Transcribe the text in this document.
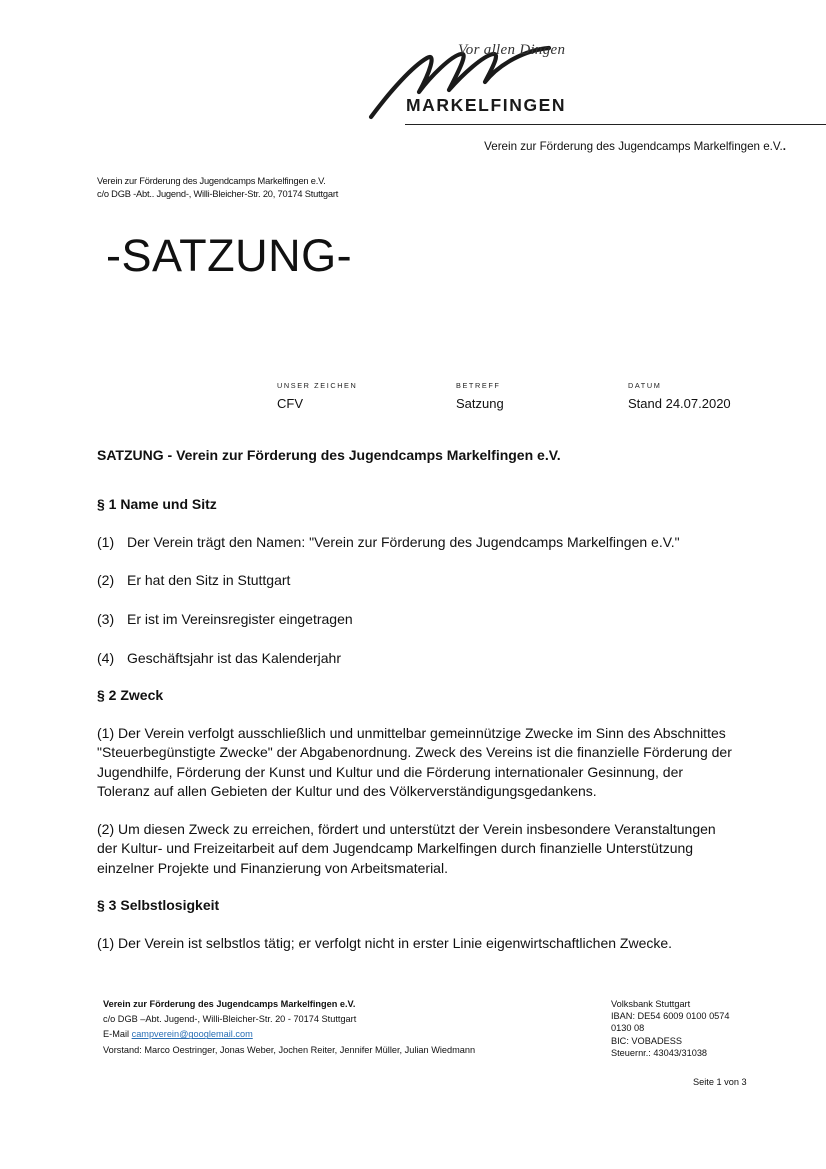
Vor allen Dingen
MARKELFINGEN
Verein zur Förderung des Jugendcamps Markelfingen e.V..
Verein zur Förderung des Jugendcamps Markelfingen e.V.
c/o DGB -Abt.. Jugend-, Willi-Bleicher-Str. 20, 70174 Stuttgart
-SATZUNG-
UNSER ZEICHEN
CFV
BETREFF
Satzung
DATUM
Stand 24.07.2020
SATZUNG - Verein zur Förderung des Jugendcamps Markelfingen e.V.
§ 1 Name und Sitz
(1) Der Verein trägt den Namen: "Verein zur Förderung des Jugendcamps Markelfingen e.V."
(2) Er hat den Sitz in Stuttgart
(3) Er ist im Vereinsregister eingetragen
(4) Geschäftsjahr ist das Kalenderjahr
§ 2 Zweck

(1) Der Verein verfolgt ausschließlich und unmittelbar gemeinnützige Zwecke im Sinn des Abschnittes

"Steuerbegünstigte Zwecke" der Abgabenordnung. Zweck des Vereins ist die finanzielle Förderung der

Jugendhilfe, Förderung der Kunst und Kultur und die Förderung internationaler Gesinnung, der

Toleranz auf allen Gebieten der Kultur und des Völkerverständigungsgedankens.

(2) Um diesen Zweck zu erreichen, fördert und unterstützt der Verein insbesondere Veranstaltungen

der Kultur- und Freizeitarbeit auf dem Jugendcamp Markelfingen durch finanzielle Unterstützung

einzelner Projekte und Finanzierung von Arbeitsmaterial.

§ 3 Selbstlosigkeit
(1) Der Verein ist selbstlos tätig; er verfolgt nicht in erster Linie eigenwirtschaftlichen Zwecke.
Verein zur Förderung des Jugendcamps Markelfingen e.V.
c/o DGB –Abt. Jugend-, Willi-Bleicher-Str. 20 - 70174 Stuttgart
E-Mail campverein@googlemail.com
Vorstand: Marco Oestringer, Jonas Weber, Jochen Reiter, Jennifer Müller, Julian Wiedmann
Volksbank Stuttgart
IBAN: DE54 6009 0100 0574
0130 08
BIC: VOBADESS
Steuernr.: 43043/31038
Seite 1 von 3
